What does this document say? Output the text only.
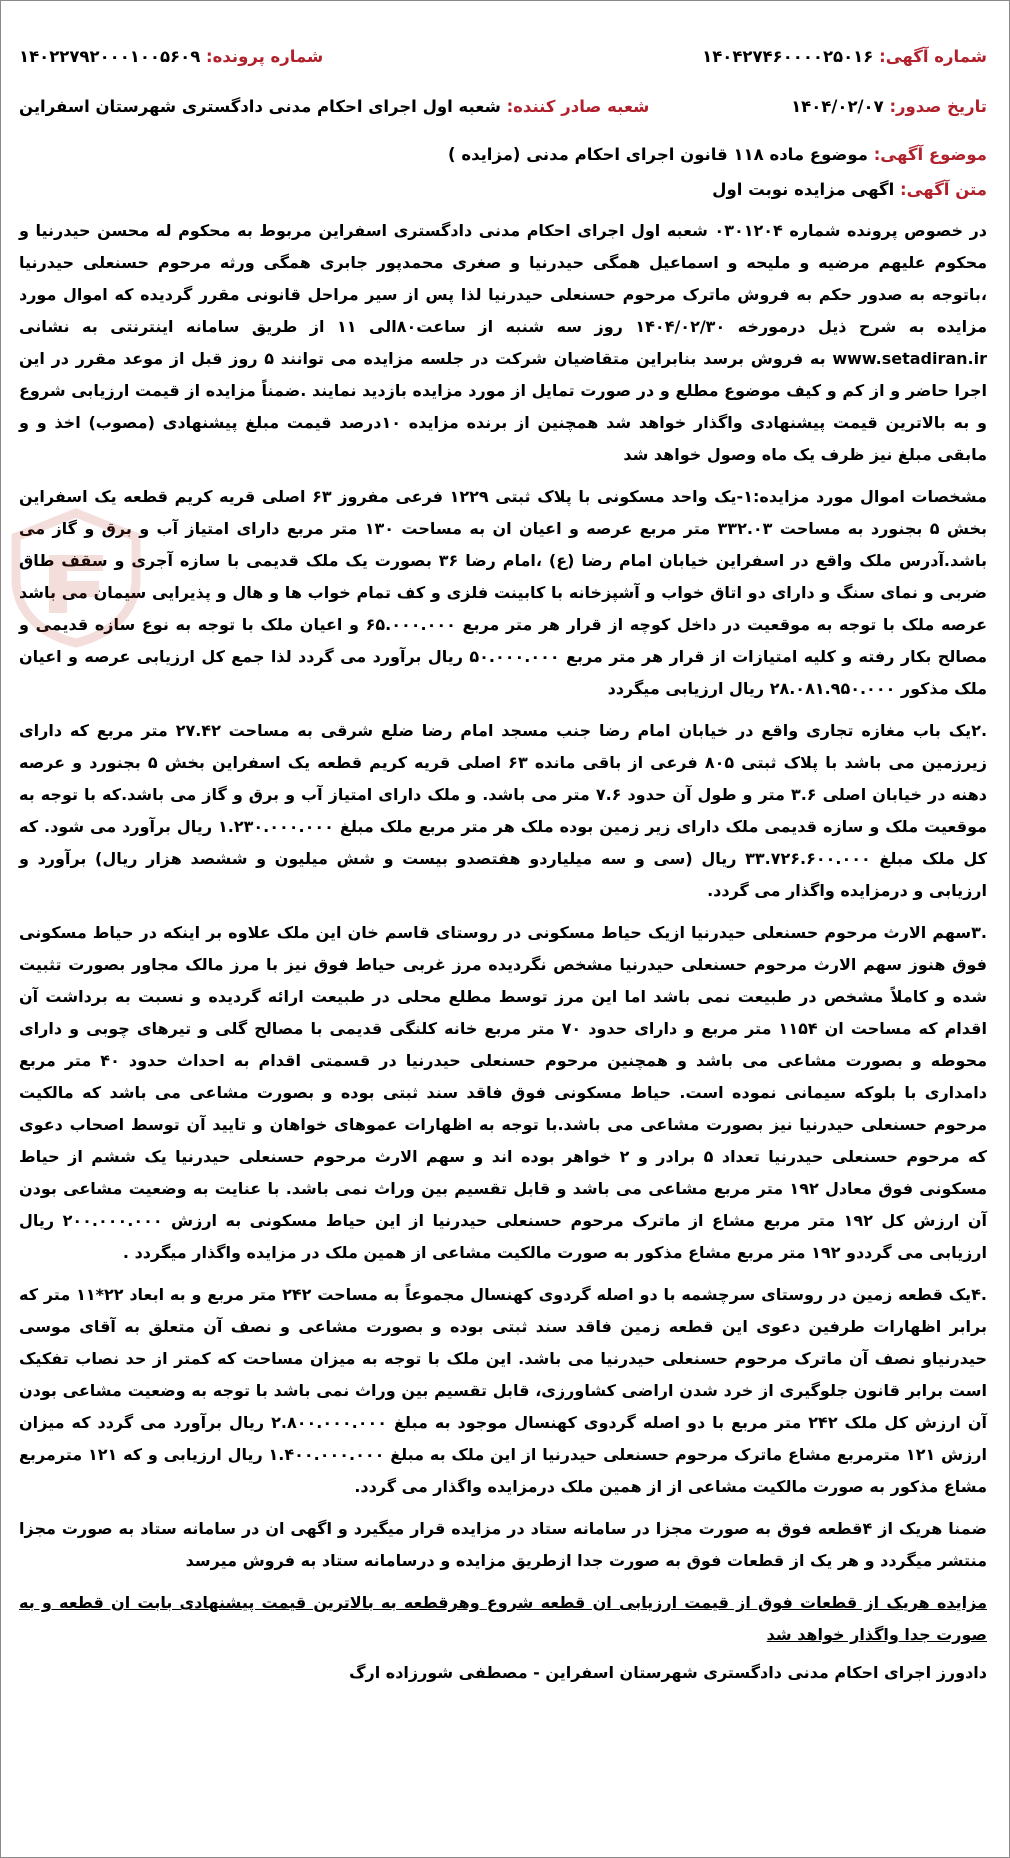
شماره آگهی: ۱۴۰۴۲۷۴۶۰۰۰۰۲۵۰۱۶
شماره پرونده: ۱۴۰۲۲۷۹۲۰۰۰۱۰۰۵۶۰۹
تاریخ صدور: ۱۴۰۴/۰۲/۰۷
شعبه صادر کننده: شعبه اول اجرای احکام مدنی دادگستری شهرستان اسفراین
موضوع آگهی: موضوع ماده ۱۱۸ قانون اجرای احکام مدنی (مزایده )
متن آگهی: اگهی مزایده نوبت اول

در خصوص پرونده شماره ۰۳۰۱۲۰۴ شعبه اول اجرای احکام مدنی دادگستری اسفراین مربوط به محکوم له محسن حیدرنیا و محکوم علیهم مرضیه و ملیحه و اسماعیل همگی حیدرنیا و صغری محمدپور جابری همگی ورثه مرحوم حسنعلی حیدرنیا ،باتوجه به صدور حکم به فروش ماترک مرحوم حسنعلی حیدرنیا لذا پس از سیر مراحل قانونی مقرر گردیده که اموال مورد مزایده به شرح ذیل درمورخه ۱۴۰۴/۰۲/۳۰ روز سه شنبه از ساعت۸۰الی ۱۱ از طریق سامانه اینترنتی به نشانی www.setadiran.ir به فروش برسد بنابراین متقاضیان شرکت در جلسه مزایده می توانند ۵ روز قبل از موعد مقرر در این اجرا حاضر و از کم و کیف موضوع مطلع و در صورت تمایل از مورد مزایده بازدید نمایند .ضمناً مزایده از قیمت ارزیابی شروع و به بالاترین قیمت پیشنهادی واگذار خواهد شد همچنین از برنده مزایده ۱۰درصد قیمت مبلغ پیشنهادی (مصوب) اخذ و و مابقی مبلغ نیز ظرف یک ماه وصول خواهد شد

مشخصات اموال مورد مزایده:۱-یک واحد مسکونی با پلاک ثبتی ۱۲۲۹ فرعی مفروز ۶۳ اصلی قریه کریم قطعه یک اسفراین بخش ۵ بجنورد به مساحت ۳۳۲.۰۳ متر مربع عرصه و اعیان ان به مساحت ۱۳۰ متر مربع دارای امتیاز آب و برق و گاز می باشد.آدرس ملک واقع در اسفراین خیابان امام رضا (ع) ،امام رضا ۳۶ بصورت یک ملک قدیمی با سازه آجری و سقف طاق ضربی و نمای سنگ و دارای دو اتاق خواب و آشپزخانه با کابینت فلزی و کف تمام خواب ها و هال و پذیرایی سیمان می باشد عرصه ملک با توجه به موقعیت در داخل کوچه از قرار هر متر مربع ۶۵.۰۰۰.۰۰۰ و اعیان ملک با توجه به نوع سازه قدیمی و مصالح بکار رفته و کلیه امتیازات از قرار هر متر مربع ۵۰.۰۰۰.۰۰۰ ریال برآورد می گردد لذا جمع کل ارزیابی عرصه و اعیان ملک مذکور ۲۸.۰۸۱.۹۵۰.۰۰۰ ریال ارزیابی میگردد

.۲یک باب مغازه تجاری واقع در خیابان امام رضا جنب مسجد امام رضا ضلع شرقی به مساحت ۲۷.۴۲ متر مربع که دارای زیرزمین می باشد با پلاک ثبتی ۸۰۵ فرعی از باقی مانده ۶۳ اصلی قریه کریم قطعه یک اسفراین بخش ۵ بجنورد و عرصه دهنه در خیابان اصلی ۳.۶ متر و طول آن حدود ۷.۶ متر می باشد. و ملک دارای امتیاز آب و برق و گاز می باشد.که با توجه به موقعیت ملک و سازه قدیمی ملک دارای زیر زمین بوده ملک هر متر مربع ملک مبلغ ۱.۲۳۰.۰۰۰.۰۰۰ ریال برآورد می شود. که کل ملک مبلغ ۳۳.۷۲۶.۶۰۰.۰۰۰ ریال (سی و سه میلیاردو هفتصدو بیست و شش میلیون و ششصد هزار ریال) برآورد و ارزیابی و درمزایده واگذار می گردد.

.۳سهم الارث مرحوم حسنعلی حیدرنیا ازیک حیاط مسکونی در روستای قاسم خان این ملک علاوه بر اینکه در حیاط مسکونی فوق هنوز سهم الارث مرحوم حسنعلی حیدرنیا مشخص نگردیده مرز غربی حیاط فوق نیز با مرز مالک مجاور بصورت تثبیت شده و کاملاً مشخص در طبیعت نمی باشد اما این مرز توسط مطلع محلی در طبیعت ارائه گردیده و نسبت به برداشت آن اقدام که مساحت ان ۱۱۵۴ متر مربع و دارای حدود ۷۰ متر مربع خانه کلنگی قدیمی با مصالح گلی و تیرهای چوبی و دارای محوطه و بصورت مشاعی می باشد و همچنین مرحوم حسنعلی حیدرنیا در قسمتی اقدام به احداث حدود ۴۰ متر مربع دامداری با بلوکه سیمانی نموده است. حیاط مسکونی فوق فاقد سند ثبتی بوده و بصورت مشاعی می باشد که مالکیت مرحوم حسنعلی حیدرنیا نیز بصورت مشاعی می باشد.با توجه به اظهارات عموهای خواهان و تایید آن توسط اصحاب دعوی که مرحوم حسنعلی حیدرنیا تعداد ۵ برادر و ۲ خواهر بوده اند و سهم الارث مرحوم حسنعلی حیدرنیا یک ششم از حیاط مسکونی فوق معادل ۱۹۲ متر مربع مشاعی می باشد و قابل تقسیم بین وراث نمی باشد. با عنایت به وضعیت مشاعی بودن آن ارزش کل ۱۹۲ متر مربع مشاع از ماترک مرحوم حسنعلی حیدرنیا از این حیاط مسکونی به ارزش ۲۰۰.۰۰۰.۰۰۰ ریال ارزیابی می گرددو ۱۹۲ متر مربع مشاع مذکور به صورت مالکیت مشاعی از همین ملک در مزایده واگذار میگردد .

.۴یک قطعه زمین در روستای سرچشمه با دو اصله گردوی کهنسال مجموعاً به مساحت ۲۴۲ متر مربع و به ابعاد ۲۲*۱۱ متر که برابر اظهارات طرفین دعوی این قطعه زمین فاقد سند ثبتی بوده و بصورت مشاعی و نصف آن متعلق به آقای موسی حیدرنیاو نصف آن ماترک مرحوم حسنعلی حیدرنیا می باشد. این ملک با توجه به میزان مساحت که کمتر از حد نصاب تفکیک است برابر قانون جلوگیری از خرد شدن اراضی کشاورزی، قابل تقسیم بین وراث نمی باشد با توجه به وضعیت مشاعی بودن آن ارزش کل ملک ۲۴۲ متر مربع با دو اصله گردوی کهنسال موجود به مبلغ ۲.۸۰۰.۰۰۰.۰۰۰ ریال برآورد می گردد که میزان ارزش ۱۲۱ مترمربع مشاع ماترک مرحوم حسنعلی حیدرنیا از این ملک به مبلغ ۱.۴۰۰.۰۰۰.۰۰۰ ریال ارزیابی و که ۱۲۱ مترمربع مشاع مذکور به صورت مالکیت مشاعی از از همین ملک درمزایده واگذار می گردد.

ضمنا هریک از ۴قطعه فوق به صورت مجزا در سامانه ستاد در مزایده قرار میگیرد و اگهی ان در سامانه ستاد به صورت مجزا منتشر میگردد و هر یک از قطعات فوق به صورت جدا ازطریق مزایده و درسامانه ستاد به فروش میرسد

مزایده هریک از قطعات فوق از قیمت ارزیابی ان قطعه شروع وهرقطعه به بالاترین قیمت پیشنهادی بابت ان قطعه و به صورت جدا واگذار خواهد شد

دادورز اجرای احکام مدنی دادگستری شهرستان اسفراین - مصطفی شورزاده ارگ
